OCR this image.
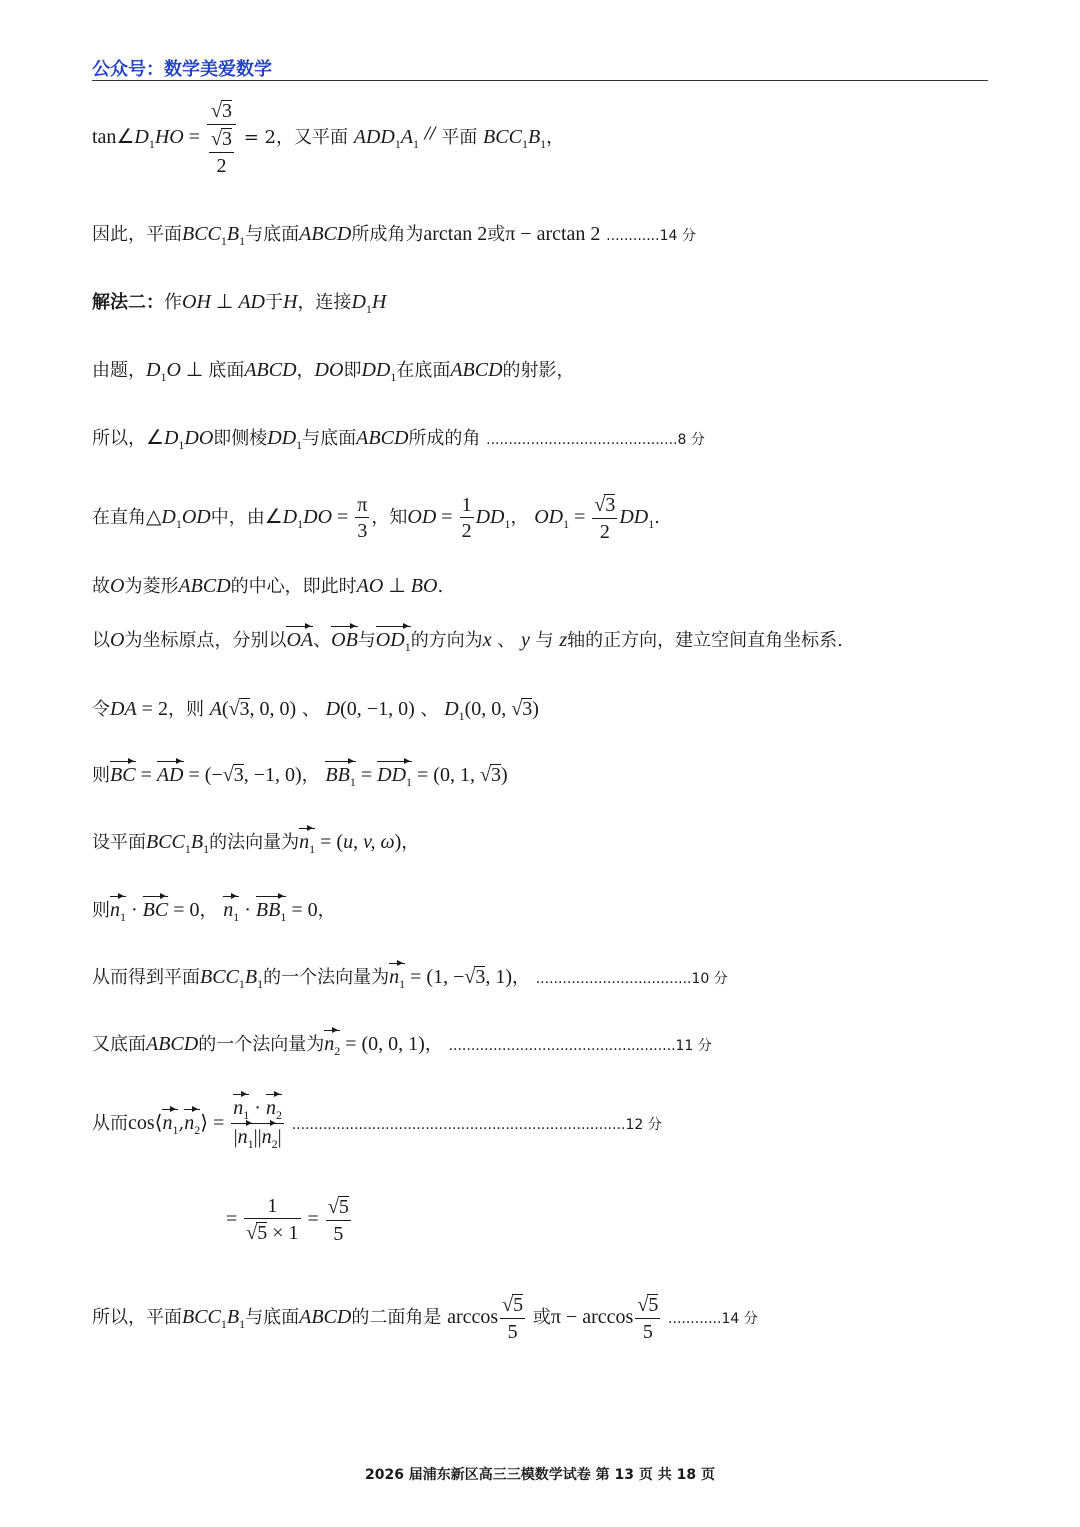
公众号：数学美爱数学
$\tan\angle D_1HO = \frac{√3}{\frac{√3}{2}} = 2$，又平面 $ADD_1A_1$ // 平面 $BCC_1B_1$，
因此，平面$BCC_1B_1$与底面ABCD所成角为arctan 2或π − arctan 2 ............14 分
解法二：作OH ⊥ AD于H，连接$D_1H$
由题，$D_1O$ ⊥ 底面ABCD，DO即$DD_1$在底面ABCD的射影，
所以，$\angle D_1DO$即侧棱$DD_1$与底面ABCD所成的角 ...........................................8 分
在直角$\triangle D_1OD$中，由$\angle D_1DO = \frac{\pi}{3}$ ，知OD = $\frac{1}{2} DD_1$， $OD_1 = \frac{√3}{2} DD_1$.
故O为菱形ABCD的中心，即此时AO ⊥ BO.
以O为坐标原点，分别以OA、OB与$OD_1$的方向为x 、 y 与 z轴的正方向，建立空间直角坐标系.
令DA = 2，则 A(√3, 0, 0) 、 D(0, −1, 0) 、 $D_1(0$, 0, √3)
则BC = AD = (−√3, −1, 0)， $BB_1 = DD_1 = (0$, 1, √3)
设平面$BCC_1B_1$的法向量为$n_1 = (u$, v, ω)，
则$n_1$ · BC = 0， $n_1 \cdot BB_1 = 0$，
从而得到平面$BCC_1B_1$的一个法向量为$n_1 = (1$, −√3, 1)， ...................................10 分
又底面ABCD的一个法向量为$n_2 = (0$, 0, 1)， ...................................................11 分
从而$\cos⟨n_1,n_2⟩ = \frac{n_1 \cdot n_2}{|n_1||n_2|} ...........................................................................12$ 分
= $\frac{1}{√5 \times 1} = \frac{√5}{5}$
所以，平面$BCC_1B_1$与底面ABCD的二面角是 $\arccos \frac{√5}{5}$ 或$\pi - \arccos \frac{√5}{5} ............14$ 分
2026 届浦东新区高三三模数学试卷 第 13 页 共 18 页
